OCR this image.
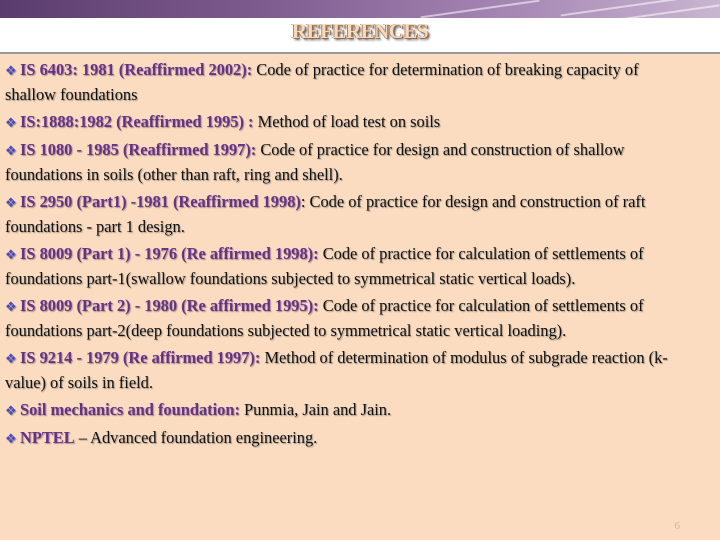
REFERENCES

❖ IS 6403: 1981 (Reaffirmed 2002): Code of practice for determination of breaking capacity of shallow foundations

❖ IS:1888:1982 (Reaffirmed 1995) : Method of load test on soils

❖ IS 1080 - 1985 (Reaffirmed 1997): Code of practice for design and construction of shallow foundations in soils (other than raft, ring and shell).

❖ IS 2950 (Part1) -1981 (Reaffirmed 1998): Code of practice for design and construction of raft foundations - part 1 design.

❖ IS 8009 (Part 1) - 1976 (Re affirmed 1998): Code of practice for calculation of settlements of foundations part-1(swallow foundations subjected to symmetrical static vertical loads).

❖ IS 8009 (Part 2) - 1980 (Re affirmed 1995): Code of practice for calculation of settlements of foundations part-2(deep foundations subjected to symmetrical static vertical loading).

❖ IS 9214 - 1979 (Re affirmed 1997): Method of determination of modulus of subgrade reaction (k-value) of soils in field.

❖ Soil mechanics and foundation: Punmia, Jain and Jain.

❖ NPTEL – Advanced foundation engineering.

6
